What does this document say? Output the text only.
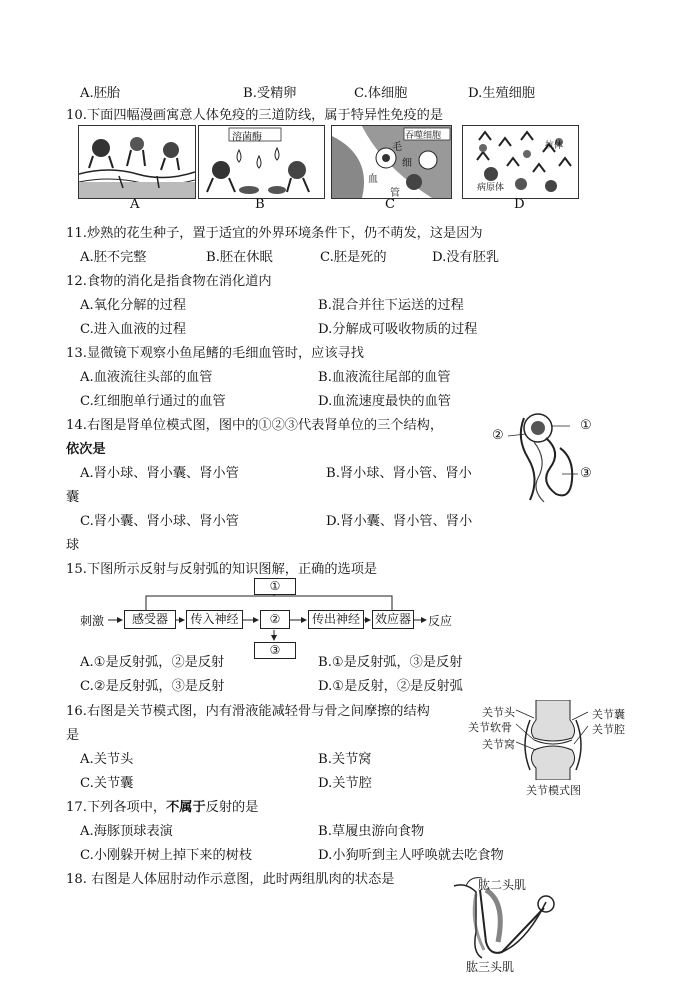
A.胚胎	B.受精卵	C.体细胞	D.生殖细胞
10.下面四幅漫画寓意人体免疫的三道防线，属于特异性免疫的是
溶菌酶	吞噬细胞
毛
细
血
管
抗体
病原体
A	B	C	D
11.炒熟的花生种子，置于适宜的外界环境条件下，仍不萌发，这是因为
A.胚不完整	B.胚在休眠	C.胚是死的	D.没有胚乳
12.食物的消化是指食物在消化道内
A.氧化分解的过程	B.混合并往下运送的过程
C.进入血液的过程	D.分解成可吸收物质的过程
13.显微镜下观察小鱼尾鳍的毛细血管时，应该寻找
A.血液流往头部的血管	B.血液流往尾部的血管
C.红细胞单行通过的血管	D.血流速度最快的血管
14.右图是肾单位模式图，图中的①②③代表肾单位的三个结构，
依次是
A.肾小球、肾小囊、肾小管	B.肾小球、肾小管、肾小
囊
C.肾小囊、肾小球、肾小管	D.肾小囊、肾小管、肾小
球
①
②
③
15.下图所示反射与反射弧的知识图解，正确的选项是
刺激	感受器	传入神经	②	传出神经	效应器 反应
①
③
A.①是反射弧，②是反射	B.①是反射弧，③是反射
C.②是反射弧，③是反射	D.①是反射，②是反射弧
16.右图是关节模式图，内有滑液能减轻骨与骨之间摩擦的结构
是
A.关节头	B.关节窝
C.关节囊	D.关节腔
关节头
关节软骨
关节窝
关节囊
关节腔
关节模式图
17.下列各项中，不属于反射的是
A.海豚顶球表演	B.草履虫游向食物
C.小刚躲开树上掉下来的树枝	D.小狗听到主人呼唤就去吃食物
18. 右图是人体屈肘动作示意图，此时两组肌肉的状态是	肱二头肌
肱三头肌
